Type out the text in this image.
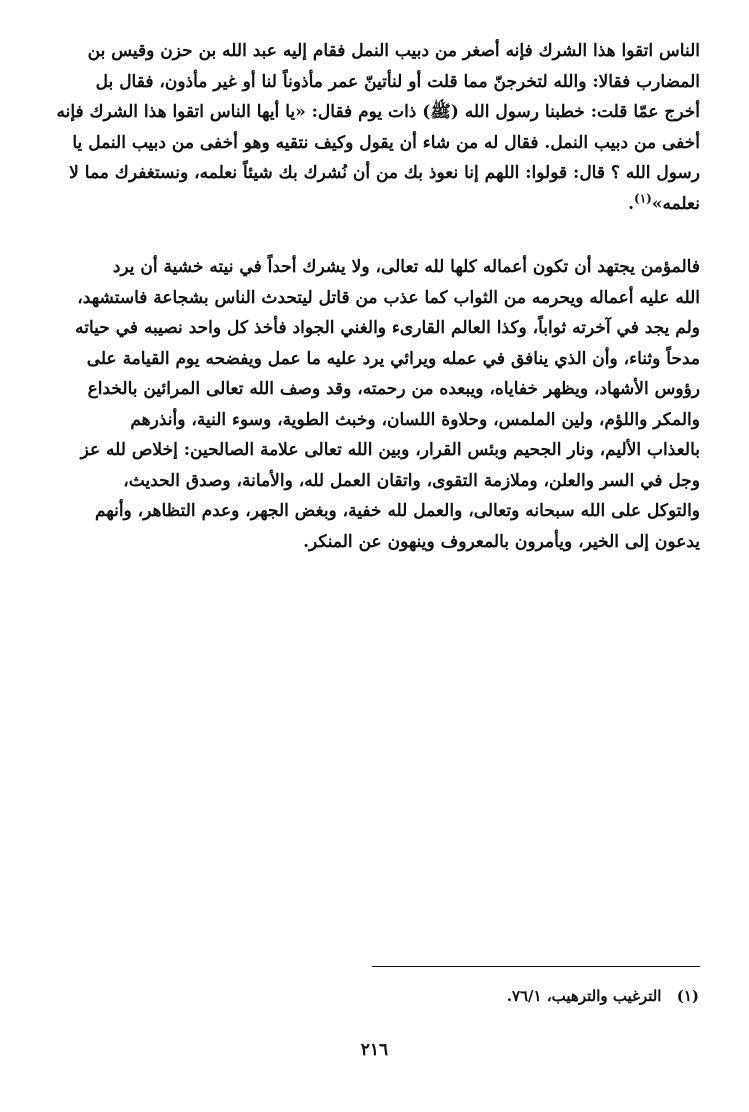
الناس اتقوا هذا الشرك فإنه أصغر من دبيب النمل فقام إليه عبد الله بن حزن وقيس بن
المضارب فقالا: والله لتخرجنّ مما قلت أو لنأتينّ عمر مأذوناً لنا أو غير مأذون، فقال بل
أخرج عمّا قلت: خطبنا رسول الله (ﷺ) ذات يوم فقال: «يا أيها الناس اتقوا هذا الشرك فإنه
أخفى من دبيب النمل. فقال له من شاء أن يقول وكيف نتقيه وهو أخفى من دبيب النمل يا
رسول الله ؟ قال: قولوا: اللهم إنا نعوذ بك من أن نُشرك بك شيئاً نعلمه، ونستغفرك مما لا
نعلمه»$^{(١)}$.
فالمؤمن يجتهد أن تكون أعماله كلها لله تعالى، ولا يشرك أحداً في نيته خشية أن يرد
الله عليه أعماله ويحرمه من الثواب كما عذب من قاتل ليتحدث الناس بشجاعة فاستشهد،
ولم يجد في آخرته ثواباً، وكذا العالم القارىء والغني الجواد فأخذ كل واحد نصيبه في حياته
مدحاً وثناء، وأن الذي ينافق في عمله ويرائي يرد عليه ما عمل ويفضحه يوم القيامة على
رؤوس الأشهاد، ويظهر خفاياه، ويبعده من رحمته، وقد وصف الله تعالى المرائين بالخداع
والمكر واللؤم، ولين الملمس، وحلاوة اللسان، وخبث الطوية، وسوء النية، وأنذرهم
بالعذاب الأليم، ونار الجحيم وبئس القرار، وبين الله تعالى علامة الصالحين: إخلاص لله عز
وجل في السر والعلن، وملازمة التقوى، واتقان العمل لله، والأمانة، وصدق الحديث،
والتوكل على الله سبحانه وتعالى، والعمل لله خفية، وبغض الجهر، وعدم التظاهر، وأنهم
يدعون إلى الخير، ويأمرون بالمعروف وينهون عن المنكر.
(١) الترغيب والترهيب، ٧٦/١.
٢١٦
